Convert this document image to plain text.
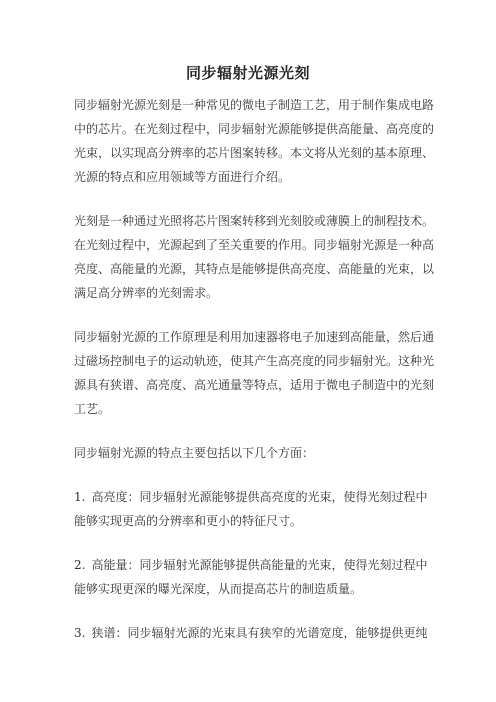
同步辐射光源光刻

同步辐射光源光刻是一种常见的微电子制造工艺，用于制作集成电路中的芯片。在光刻过程中，同步辐射光源能够提供高能量、高亮度的光束，以实现高分辨率的芯片图案转移。本文将从光刻的基本原理、光源的特点和应用领域等方面进行介绍。

光刻是一种通过光照将芯片图案转移到光刻胶或薄膜上的制程技术。在光刻过程中，光源起到了至关重要的作用。同步辐射光源是一种高亮度、高能量的光源，其特点是能够提供高亮度、高能量的光束，以满足高分辨率的光刻需求。

同步辐射光源的工作原理是利用加速器将电子加速到高能量，然后通过磁场控制电子的运动轨迹，使其产生高亮度的同步辐射光。这种光源具有狭谱、高亮度、高光通量等特点，适用于微电子制造中的光刻工艺。

同步辐射光源的特点主要包括以下几个方面：

1. 高亮度：同步辐射光源能够提供高亮度的光束，使得光刻过程中能够实现更高的分辨率和更小的特征尺寸。

2. 高能量：同步辐射光源能够提供高能量的光束，使得光刻过程中能够实现更深的曝光深度，从而提高芯片的制造质量。

3. 狭谱：同步辐射光源的光束具有狭窄的光谱宽度，能够提供更纯
